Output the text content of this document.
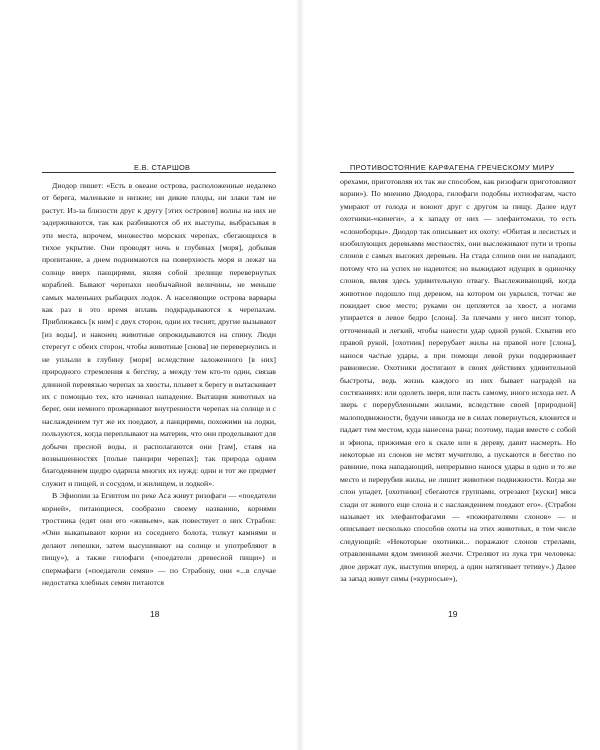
Е.В. СТАРШОВ

Диодор пишет: «Есть в океане острова, расположенные недалеко от берега, маленькие и низкие; ни дикие плоды, ни злаки там не растут. Из-за близости друг к другу [этих островов] волны на них не задерживаются, так как разбиваются об их выступы, выбрасывая в эти места, впрочем, множество морских черепах, сбегающихся в тихое укрытие. Они проводят ночь в глубинах [моря], добывая пропитание, а днем поднимаются на поверхность моря и лежат на солнце вверх панцирями, являя собой зрелище перевернутых кораблей. Бывают черепахи необычайной величины, не меньше самых маленьких рыбацких лодок. А населяющие острова варвары как раз в это время вплавь подкрадываются к черепахам. Приближаясь [к ним] с двух сторон, одни их теснят, другие вызывают [из воды], и наконец животные опрокидываются на спину. Люди стерегут с обеих сторон, чтобы животные [снова] не перевернулись и не уплыли в глубину [моря] вследствие заложенного [в них] природного стремления к бегству, а между тем кто-то один, связав длинной перевязью черепах за хвосты, плывет к берегу и вытаскивает их с помощью тех, кто начинал нападение. Вытащив животных на берег, они немного прожаривают внутренности черепах на солнце и с наслаждением тут же их поедают, а панцирями, похожими на лодки, пользуются, когда переплывают на материк, что они проделывают для добычи пресной воды, и располагаются они [там], ставя на возвышенностях [полые панцири черепах]; так природа одним благодеянием щедро одарила многих их нужд: один и тот же предмет служит и пищей, и сосудом, и жилищем, и лодкой».

В Эфиопии за Египтом по реке Аса живут ризофаги — «поедатели корней», питающиеся, сообразно своему названию, корнями тростника (едят они его «живьем», как повествует о них Страбон: «Они выкапывают корни из соседнего болота, толкут камнями и делают лепешки, затем высушивают на солнце и употребляют в пищу»), а также гилофаги («поедатели древесной пищи») и спермафаги («поедатели семян» — по Страбону, они «...в случае недостатка хлебных семян питаются

18
ПРОТИВОСТОЯНИЕ КАРФАГЕНА ГРЕЧЕСКОМУ МИРУ

орехами, приготовляя их так же способом, как ризофаги приготовляют корни»). По мнению Диодора, гилофаги подобны ихтиофагам, часто умирают от голода и воюют друг с другом за пищу. Далее идут охотники-«кинеги», а к западу от них — элефантомахи, то есть «слоноборцы». Диодор так описывает их охоту: «Обитая в лесистых и изобилующих деревьями местностях, они выслеживают пути и тропы слонов с самых высоких деревьев. На стада слонов они не нападают, потому что на успех не надеются; но выжидают идущих в одиночку слонов, являя здесь удивительную отвагу. Выслеживающий, когда животное подошло под деревом, на котором он укрылся, тотчас же покидает свое место; руками он цепляется за хвост, а ногами упирается в левое бедро [слона]. За плечами у него висит топор, отточенный и легкий, чтобы нанести удар одной рукой. Схватив его правой рукой, [охотник] перерубает жилы на правой ноге [слона], нанося частые удары, а при помощи левой руки поддерживает равновесие. Охотники достигают в своих действиях удивительной быстроты, ведь жизнь каждого из них бывает наградой на состязаниях: или одолеть зверя, или пасть самому, иного исхода нет. А зверь с перерубленными жилами, вследствие своей [природной] малоподвижности, будучи никогда не в силах повернуться, клонится и падает тем местом, куда нанесена рана; поэтому, падая вместе с собой и эфиопа, прижимая его к скале или к дереву, давит насмерть. Но некоторые из слонов не мстят мучителю, а пускаются в бегство по равнине, пока нападающий, непрерывно нанося удары в одно и то же место и перерубив жилы, не лишит животное подвижности. Когда же слон упадет, [охотники] сбегаются группами, отрезают [куски] мяса сзади от живого еще слона и с наслаждением поедают его». (Страбон называет их элефантофагами — «пожирателями слонов» — и описывает несколько способов охоты на этих животных, в том числе следующий: «Некоторые охотники... поражают слонов стрелами, отравленными ядом змеиной желчи. Стреляют из лука три человека: двое держат лук, выступив вперед, а один натягивает тетиву».) Далее за запад живут симы («курносые»),

19
